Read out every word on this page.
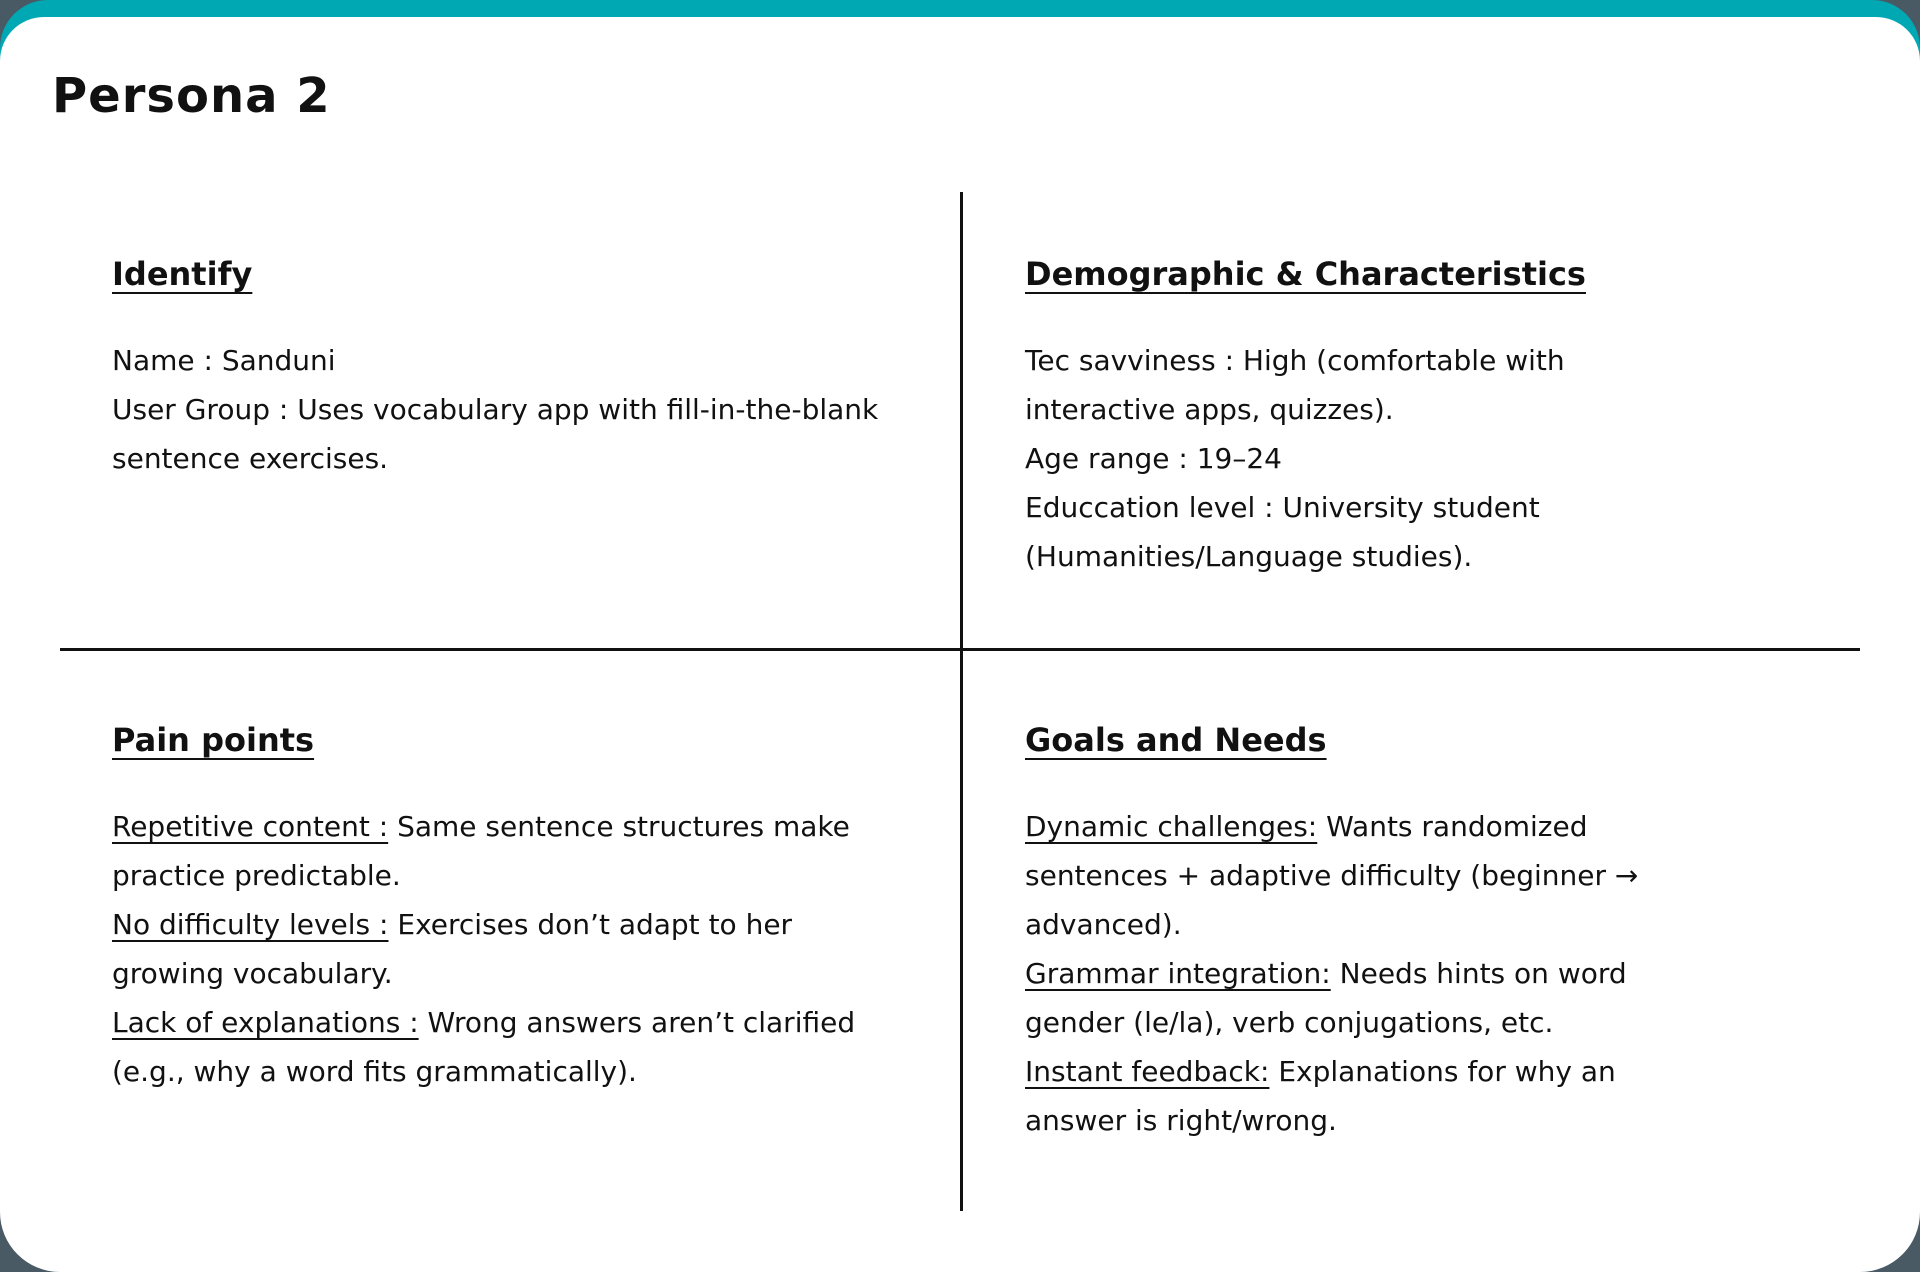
Persona 2
Identify
Name : Sanduni
User Group : Uses vocabulary app with fill-in-the-blank sentence exercises.
Demographic & Characteristics
Tec savviness : High (comfortable with interactive apps, quizzes).
Age range : 19–24
Educcation level : University student (Humanities/Language studies).
Pain points
Repetitive content : Same sentence structures make practice predictable.
No difficulty levels : Exercises don’t adapt to her growing vocabulary.
Lack of explanations : Wrong answers aren’t clarified (e.g., why a word fits grammatically).
Goals and Needs
Dynamic challenges: Wants randomized sentences + adaptive difficulty (beginner → advanced).
Grammar integration: Needs hints on word gender (le/la), verb conjugations, etc.
Instant feedback: Explanations for why an answer is right/wrong.
